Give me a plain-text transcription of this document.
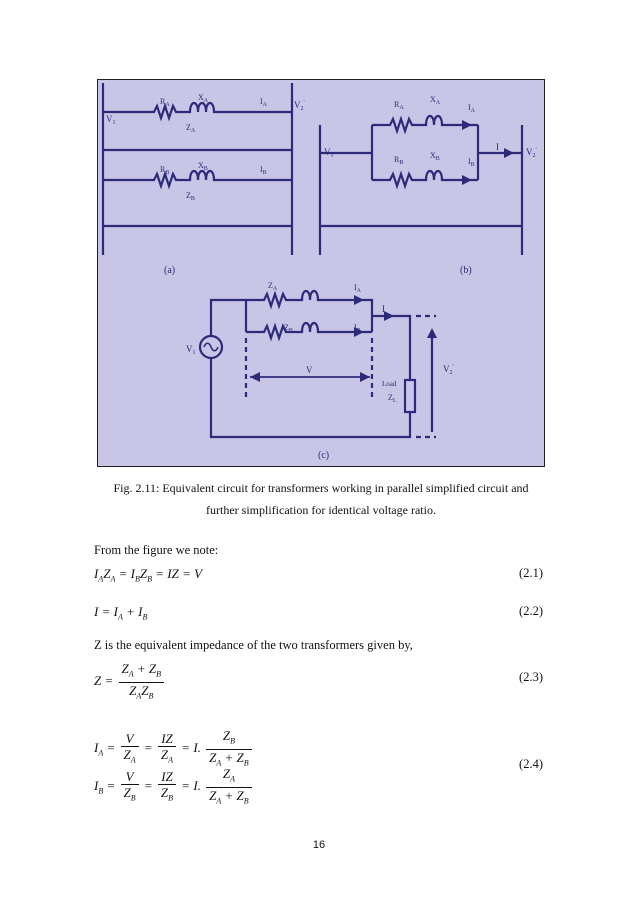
$V_1$
$V_2'$
$R_A$
$X_A$
$Z_A$
$I_A$
$R_B$
$X_B$
$Z_B$
$I_B$
(a)
$V_1$	$V_2'$
$R_A$
$X_A$	$I_A$
$R_B$
$X_B$	$I_B$
I
(b)
$Z_A$	$I_A$
$Z_B$	$I_B$
I
$V_1$
V
Load
$Z_L$
$V_2'$
(c)
Fig. 2.11: Equivalent circuit for transformers working in parallel simplified circuit and
further simplification for identical voltage ratio.
From the figure we note:
$I_AZ_A = I_BZ_B$ = IZ = V	(2.1)
$I = I_A + I_B$	(2.2)
Z is the equivalent impedance of the two transformers given by,
$Z = \frac{Z_A + Z_B}{Z_AZ_B}$	(2.3)
$I_A = \frac{V}{Z_A} = \frac{IZ}{Z_A} = I$. $\frac{Z_B}{Z_A + Z_B}$
$I_B = \frac{V}{Z_B} = \frac{IZ}{Z_B} = I$. $\frac{Z_A}{Z_A + Z_B}$
(2.4)
16
